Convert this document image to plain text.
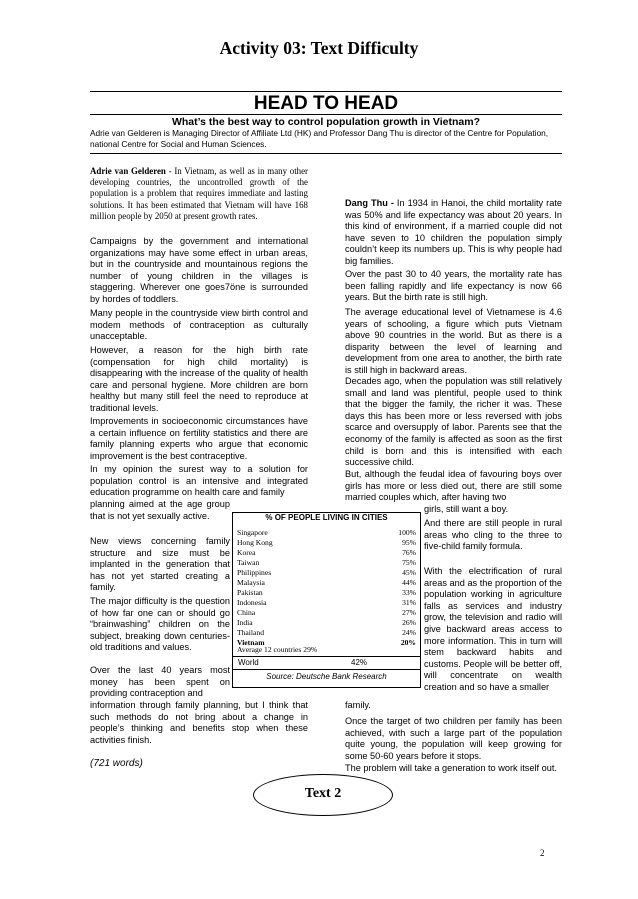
Activity 03: Text Difficulty
HEAD TO HEAD
What’s the best way to control population growth in Vietnam?
Adrie van Gelderen is Managing Director of Affiliate Ltd (HK) and Professor Dang Thu is director of the Centre for Population, national Centre for Social and Human Sciences.

Adrie van Gelderen - In Vietnam, as well as in many other developing countries, the uncontrolled growth of the population is a problem that requires immediate and lasting solutions. It has been estimated that Vietnam will have 168 million people by 2050 at present growth rates.

Campaigns by the government and international organizations may have some effect in urban areas, but in the countryside and mountainous regions the number of young children in the villages is staggering. Wherever one goes7öne is surrounded by hordes of toddlers.

Many people in the countryside view birth control and modem methods of contraception as culturally unacceptable.

However, a reason for the high birth rate (compensation for high child mortality) is disappearing with the increase of the quality of health care and personal hygiene. More children are born healthy but many still feel the need to reproduce at traditional levels.

Improvements in socioeconomic circumstances have a certain influence on fertility statistics and there are family planning experts who argue that economic improvement is the best contraceptive.

In my opinion the surest way to a solution for population control is an intensive and integrated education programme on health care and family

planning aimed at the age group that is not yet sexually active.

New views concerning family structure and size must be implanted in the generation that has not yet started creating a family.

The major difficulty is the question of how far one can or should go “brainwashing” children on the subject, breaking down centuries-old traditions and values.

Over the last 40 years most money has been spent on providing contraception and

information through family planning, but I think that such methods do not bring about a change in people’s thinking and benefits stop when these activities finish.

(721 words)

Dang Thu - In 1934 in Hanoi, the child mortality rate was 50% and life expectancy was about 20 years. In this kind of environment, if a married couple did not have seven to 10 children the population simply couldn’t keep its numbers up. This is why people had big families.

Over the past 30 to 40 years, the mortality rate has been falling rapidly and life expectancy is now 66 years. But the birth rate is still high.

The average educational level of Vietnamese is 4.6 years of schooling, a figure which puts Vietnam above 90 countries in the world. But as there is a disparity between the level of learning and development from one area to another, the birth rate is still high in backward areas.

Decades ago, when the population was still relatively small and land was plentiful, people used to think that the bigger the family, the richer it was. These days this has been more or less reversed with jobs scarce and oversupply of labor. Parents see that the economy of the family is affected as soon as the first child is born and this is intensified with each successive child.

But, although the feudal idea of favouring boys over girls has more or less died out, there are still some married couples which, after having two

girls, still want a boy.

And there are still people in rural areas who cling to the three to five-child family formula.

With the electrification of rural areas and as the proportion of the population working in agriculture falls as services and industry grow, the television and radio will give backward areas access to more information. This in turn will stem backward habits and customs. People will be better off, will concentrate on wealth creation and so have a smaller

family.

Once the target of two children per family has been achieved, with such a large part of the population quite young, the population will keep growing for some 50-60 years before it stops.

The problem will take a generation to work itself out.

% OF PEOPLE LIVING IN CITIES
Singapore	100%
Hong Kong	95%
Korea	76%
Taiwan	75%
Philippines	45%
Malaysia	44%
Pakistan	33%
Indonesia	31%
China	27%
India	26%
Thailand	24%
Vietnam	20%
Average 12 countries 29%
World	42%
Source: Deutsche Bank Research
Text 2
2
